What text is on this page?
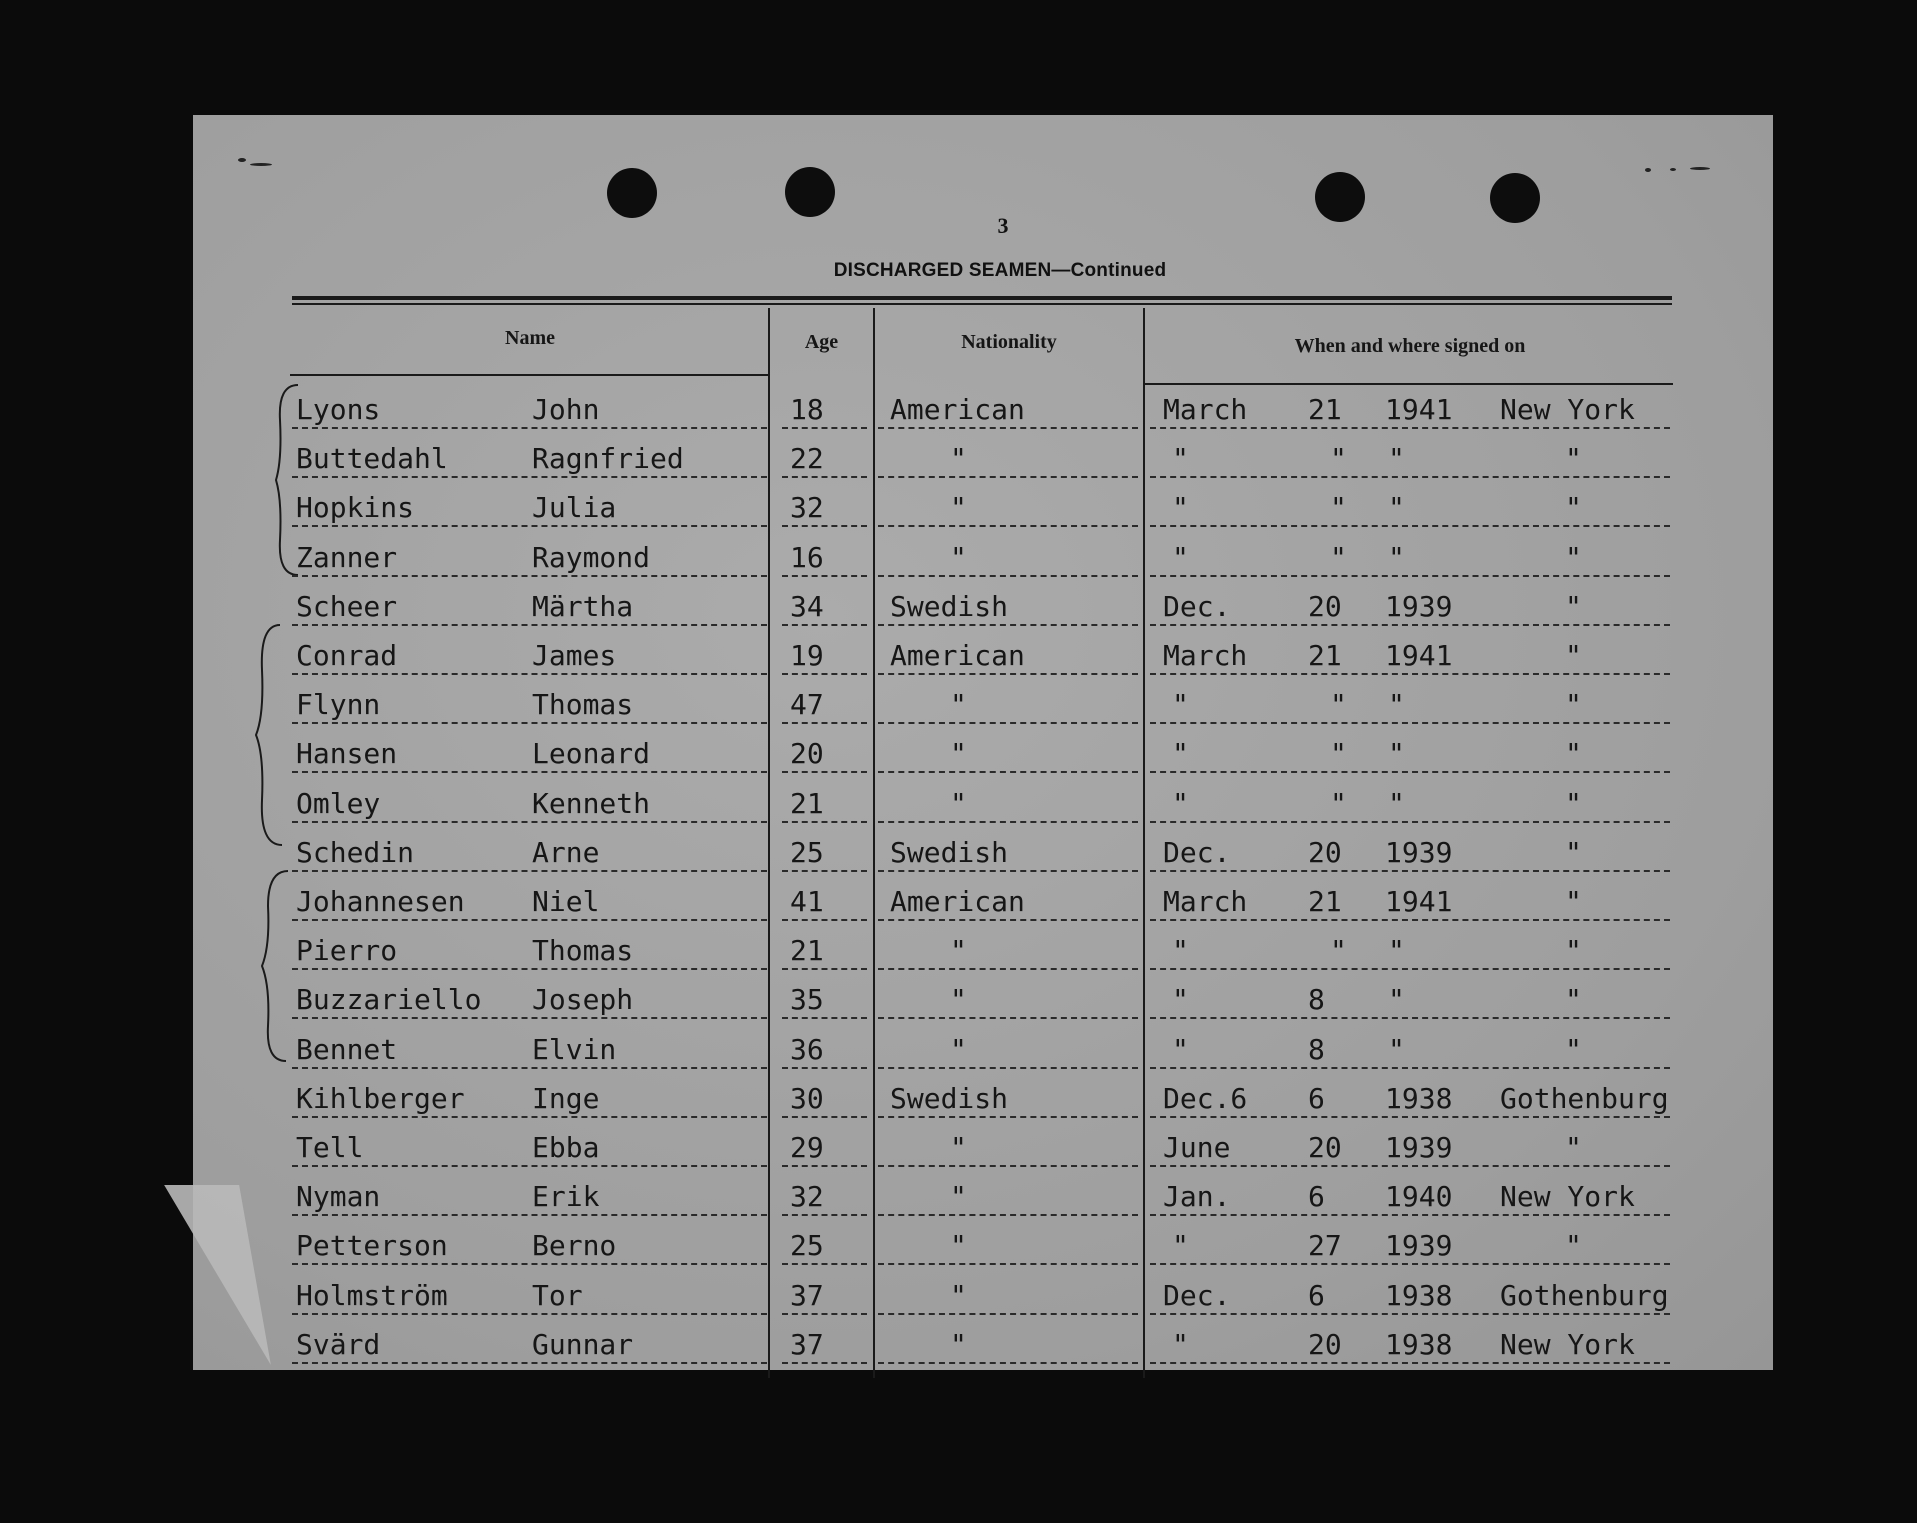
3
DISCHARGED SEAMEN—Continued
Name	Age	Nationality	When and where signed on
Lyons	John	18 American	March 21 1941 New York
Buttedahl	Ragnfried	22	"	"	" "	"
Hopkins	Julia	32	"	"	" "	"
Zanner	Raymond	16	"	"	" "	"
Scheer	Märtha	34 Swedish	Dec.	20 1939	"
Conrad	James	19 American	March 21 1941	"
Flynn	Thomas	47	"	"	" "	"
Hansen	Leonard	20	"	"	" "	"
Omley	Kenneth	21	"	"	" "	"
Schedin	Arne	25 Swedish	Dec.	20 1939	"
Johannesen Niel	41 American	March 21 1941	"
Pierro	Thomas	21	"	"	" "	"
Buzzariello Joseph	35	"	"	8 "	"
Bennet	Elvin	36	"	"	8 "	"
Kihlberger Inge	30 Swedish	Dec.6 6 1938 Gothenburg
Tell	Ebba	29	"	June	20 1939	"
Nyman	Erik	32	"	Jan.	6 1940 New York
Petterson	Berno	25	"	"	27 1939	"
Holmström	Tor	37	"	Dec.	6 1938 Gothenburg
Svärd	Gunnar	37	"	"	20 1938 New York
